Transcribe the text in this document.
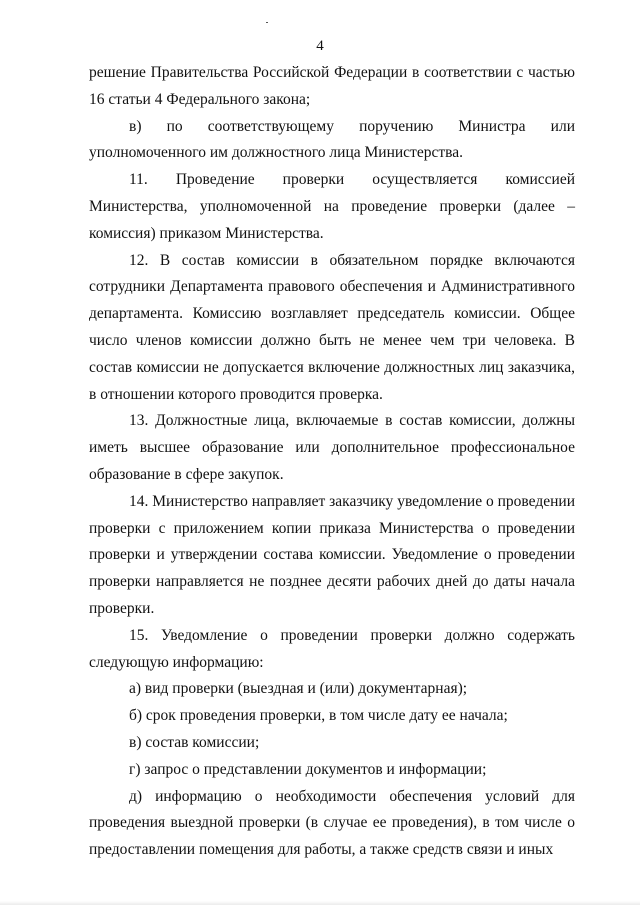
4

решение Правительства Российской Федерации в соответствии с частью 16 статьи 4 Федерального закона;

в) по соответствующему поручению Министра или уполномоченного им должностного лица Министерства.

11. Проведение проверки осуществляется комиссией Министерства, уполномоченной на проведение проверки (далее – комиссия) приказом Министерства.

12. В состав комиссии в обязательном порядке включаются сотрудники Департамента правового обеспечения и Административного департамента. Комиссию возглавляет председатель комиссии. Общее число членов комиссии должно быть не менее чем три человека. В состав комиссии не допускается включение должностных лиц заказчика, в отношении которого проводится проверка.

13. Должностные лица, включаемые в состав комиссии, должны иметь высшее образование или дополнительное профессиональное образование в сфере закупок.

14. Министерство направляет заказчику уведомление о проведении проверки с приложением копии приказа Министерства о проведении проверки и утверждении состава комиссии. Уведомление о проведении проверки направляется не позднее десяти рабочих дней до даты начала проверки.

15. Уведомление о проведении проверки должно содержать следующую информацию:

а) вид проверки (выездная и (или) документарная);

б) срок проведения проверки, в том числе дату ее начала;

в) состав комиссии;

г) запрос о представлении документов и информации;

д) информацию о необходимости обеспечения условий для проведения выездной проверки (в случае ее проведения), в том числе о предоставлении помещения для работы, а также средств связи и иных
